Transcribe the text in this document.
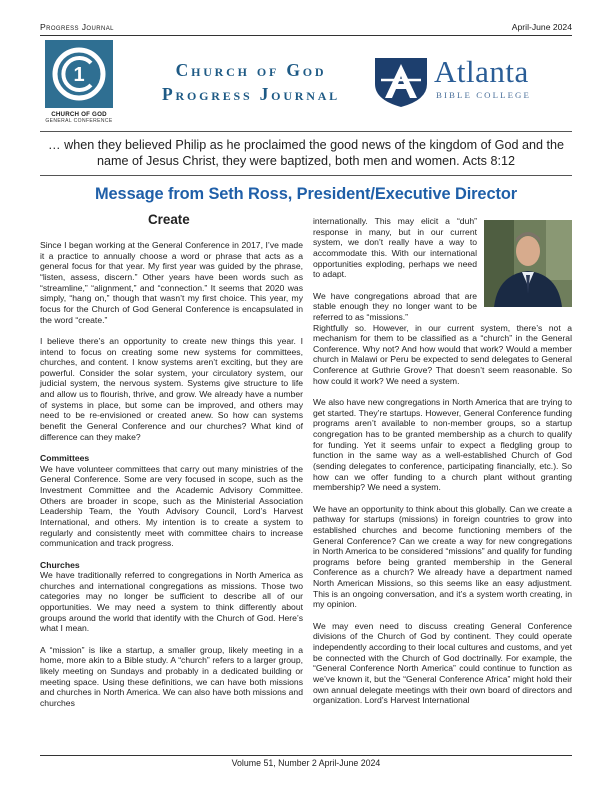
Progress Journal	April-June 2024
1
CHURCH OF GOD
GENERAL CONFERENCE
Church of God
Progress Journal
Atlanta
BIBLE COLLEGE
… when they believed Philip as he proclaimed the good news of the kingdom of God and the name of Jesus Christ, they were baptized, both men and women. Acts 8:12
Message from Seth Ross, President/Executive Director
Create

Since I began working at the General Conference in 2017, I’ve made it a practice to annually choose a word or phrase that acts as a general focus for that year. My first year was guided by the phrase, “listen, assess, discern.” Other years have been words such as “streamline,” “alignment,” and “connection.” It seems that 2020 was simply, “hang on,” though that wasn’t my first choice. This year, my focus for the Church of God General Conference is encapsulated in the word “create.”

I believe there’s an opportunity to create new things this year. I intend to focus on creating some new systems for committees, churches, and content. I know systems aren’t exciting, but they are powerful. Consider the solar system, your circulatory system, our judicial system, the nervous system. Systems give structure to life and allow us to flourish, thrive, and grow. We already have a number of systems in place, but some can be improved, and others may need to be re-envisioned or created anew. So how can systems benefit the General Conference and our churches? What kind of difference can they make?

Committees

We have volunteer committees that carry out many ministries of the General Conference. Some are very focused in scope, such as the Investment Committee and the Academic Advisory Committee. Others are broader in scope, such as the Ministerial Association Leadership Team, the Youth Advisory Council, Lord’s Harvest International, and others. My intention is to create a system to regularly and consistently meet with committee chairs to increase communication and track progress.

Churches

We have traditionally referred to congregations in North America as churches and international congregations as missions. Those two categories may no longer be sufficient to describe all of our opportunities. We may need a system to think differently about groups around the world that identify with the Church of God. Here’s what I mean.

A “mission” is like a startup, a smaller group, likely meeting in a home, more akin to a Bible study. A “church” refers to a larger group, likely meeting on Sundays and probably in a dedicated building or meeting space. Using these definitions, we can have both missions and churches in North America. We can also have both missions and churches

internationally. This may elicit a “duh” response in many, but in our current system, we don’t really have a way to accommodate this. With our international opportunities exploding, perhaps we need to adapt.

We have congregations abroad that are stable enough they no longer want to be referred to as “missions.”

Rightfully so. However, in our current system, there’s not a mechanism for them to be classified as a “church” in the General Conference. Why not? And how would that work? Would a member church in Malawi or Peru be expected to send delegates to General Conference at Guthrie Grove? That doesn’t seem reasonable. So how could it work? We need a system.

We also have new congregations in North America that are trying to get started. They’re startups. However, General Conference funding programs aren’t available to non-member groups, so a startup congregation has to be granted membership as a church to qualify for funding. Yet it seems unfair to expect a fledgling group to function in the same way as a well-established Church of God (sending delegates to conference, participating financially, etc.). So how can we offer funding to a church plant without granting membership? We need a system.

We have an opportunity to think about this globally. Can we create a pathway for startups (missions) in foreign countries to grow into established churches and become functioning members of the General Conference? Can we create a way for new congregations in North America to be considered “missions” and qualify for funding programs before being granted membership in the General Conference as a church? We already have a department named North American Missions, so this seems like an easy adjustment. This is an ongoing conversation, and it’s a system worth creating, in my opinion.

We may even need to discuss creating General Conference divisions of the Church of God by continent. They could operate independently according to their local cultures and customs, and yet be connected with the Church of God doctrinally. For example, the “General Conference North America” could continue to function as we’ve known it, but the “General Conference Africa” might hold their own annual delegate meetings with their own board of directors and organization. Lord’s Harvest International

Volume 51, Number 2 April-June 2024
